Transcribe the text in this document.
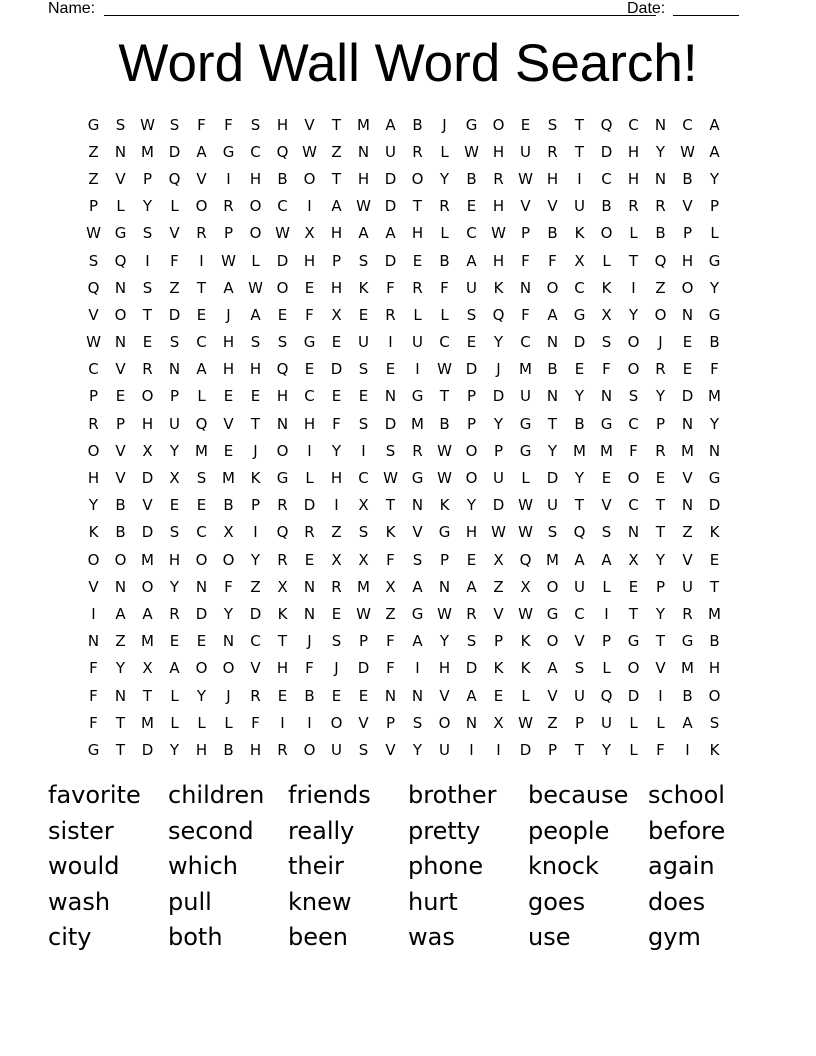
Name:	Date:
Word Wall Word Search!
G	S W S	F	F	S	H	V	T	M	A	B	J	G	O	E	S	T	Q	C	N	C	A
Z	N M D	A	G	C	Q W Z	N	U	R	L	W H	U	R	T	D	H	Y	W A
Z	V	P	Q	V	I	H	B	O	T	H	D	O	Y	B	R W H	I	C	H	N	B	Y
P	L	Y	L	O	R	O	C	I	A W D	T	R	E	H	V	V	U	B	R	R	V	P
W G	S	V	R	P	O W X	H	A	A	H	L	C W	P	B	K	O	L	B	P	L
S	Q	I	F	I	W	L	D	H	P	S	D	E	B	A	H	F	F	X	L	T	Q	H	G
Q	N	S	Z	T	A W O	E	H	K	F	R	F	U	K	N	O	C	K	I	Z	O	Y
V	O	T	D	E	J	A	E	F	X	E	R	L	L	S	Q	F	A	G	X	Y	O	N	G
W N	E	S	C	H	S	S	G	E	U	I	U	C	E	Y	C	N	D	S	O	J	E	B
C	V	R	N	A	H	H	Q	E	D	S	E	I	W D	J	M	B	E	F	O	R	E	F
P	E	O	P	L	E	E	H	C	E	E	N	G	T	P	D	U	N	Y	N	S	Y	D M
R	P	H	U	Q	V	T	N	H	F	S	D M	B	P	Y	G	T	B	G	C	P	N	Y
O	V	X	Y	M	E	J	O	I	Y	I	S	R W O	P	G	Y	M M	F	R	M N
H	V	D	X	S	M	K	G	L	H	C W G W O	U	L	D	Y	E	O	E	V	G
Y	B	V	E	E	B	P	R	D	I	X	T	N	K	Y	D W U	T	V	C	T	N	D
K	B	D	S	C	X	I	Q	R	Z	S	K	V	G	H W W S	Q	S	N	T	Z	K
O	O M H	O	O	Y	R	E	X	X	F	S	P	E	X	Q M	A	A	X	Y	V	E
V	N	O	Y	N	F	Z	X	N	R	M	X	A	N	A	Z	X	O	U	L	E	P	U	T
I	A	A	R	D	Y	D	K	N	E W Z	G W R	V W G	C	I	T	Y	R	M
N	Z	M	E	E	N	C	T	J	S	P	F	A	Y	S	P	K	O	V	P	G	T	G	B
F	Y	X	A	O	O	V	H	F	J	D	F	I	H	D	K	K	A	S	L	O	V	M H
F	N	T	L	Y	J	R	E	B	E	E	N	N	V	A	E	L	V	U	Q	D	I	B	O
F	T	M	L	L	L	F	I	I	O	V	P	S	O	N	X W Z	P	U	L	L	A	S
G	T	D	Y	H	B	H	R	O	U	S	V	Y	U	I	I	D	P	T	Y	L	F	I	K
favorite	children friends	brother	because school
sister	second	really	pretty	people	before
would	which	their	phone	knock	again
wash	pull	knew	hurt	goes	does
city	both	been	was	use	gym
